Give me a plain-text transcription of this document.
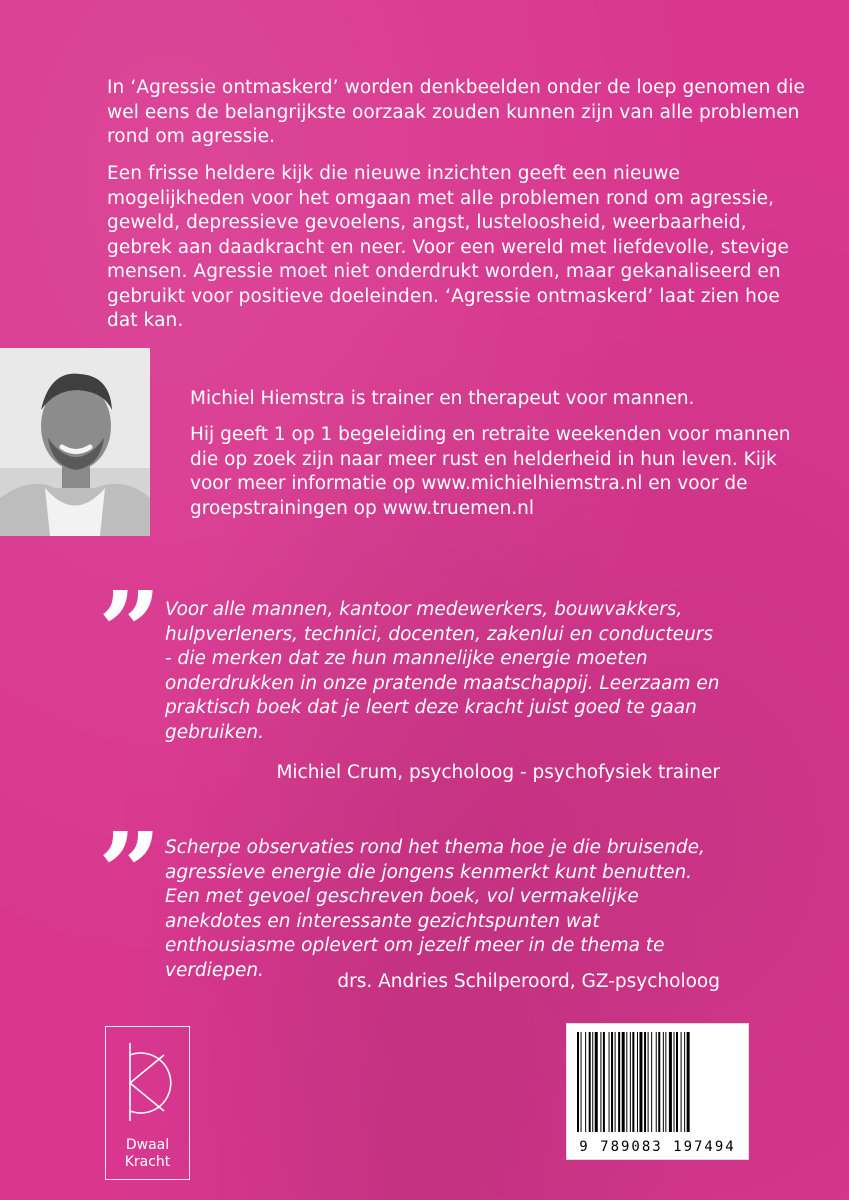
In ‘Agressie ontmaskerd’ worden denkbeelden onder de loep genomen die wel eens de belangrijkste oorzaak zouden kunnen zijn van alle problemen rond om agressie.

Een frisse heldere kijk die nieuwe inzichten geeft een nieuwe mogelijkheden voor het omgaan met alle problemen rond om agressie, geweld, depressieve gevoelens, angst, lusteloosheid, weerbaarheid, gebrek aan daadkracht en neer. Voor een wereld met liefdevolle, stevige mensen. Agressie moet niet onderdrukt worden, maar gekanaliseerd en gebruikt voor positieve doeleinden. ‘Agressie ontmaskerd’ laat zien hoe dat kan.

Michiel Hiemstra is trainer en therapeut voor mannen.

Hij geeft 1 op 1 begeleiding en retraite weekenden voor mannen die op zoek zijn naar meer rust en helderheid in hun leven. Kijk voor meer informatie op www.michielhiemstra.nl en voor de groepstrainingen op www.truemen.nl

” Voor alle mannen, kantoor medewerkers, bouwvakkers, hulpverleners, technici, docenten, zakenlui en conducteurs - die merken dat ze hun mannelijke energie moeten onderdrukken in onze pratende maatschappij. Leerzaam en praktisch boek dat je leert deze kracht juist goed te gaan gebruiken.

Michiel Crum, psycholoog - psychofysiek trainer

” Scherpe observaties rond het thema hoe je die bruisende, agressieve energie die jongens kenmerkt kunt benutten. Een met gevoel geschreven boek, vol vermakelijke anekdotes en interessante gezichtspunten wat enthousiasme oplevert om jezelf meer in de thema te verdiepen.

drs. Andries Schilperoord, GZ-psycholoog

Dwaal
Kracht
9 789083 197494
